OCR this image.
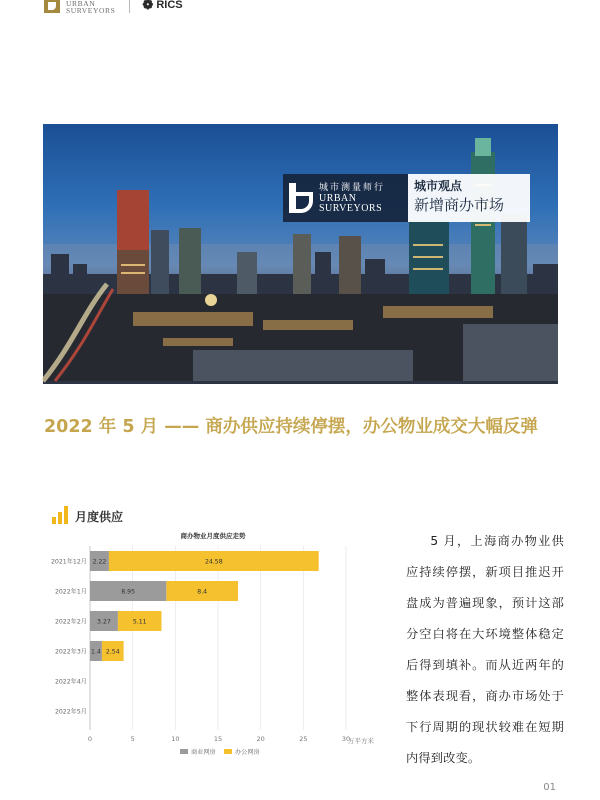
URBAN
SURVEYORS ❁ RICS
城市测量师行
URBAN
SURVEYORS
城市观点
新增商办市场
2022 年 5 月 —— 商办供应持续停摆，办公物业成交大幅反弹
月度供应
商办物业月度供应走势
0	5	10	15	20	25	30
万平方米
2021年12月 2.22	24.58
2022年1月	8.95	8.4
2022年2月 3.27	5.11
2022年3月 1.4 2.54
2022年4月
2022年5月
商业网房	办公网房
5 月，上海商办物业供应持续停摆，新项目推迟开盘成为普遍现象，预计这部分空白将在大环境整体稳定后得到填补。而从近两年的整体表现看，商办市场处于下行周期的现状较难在短期内得到改变。
01
